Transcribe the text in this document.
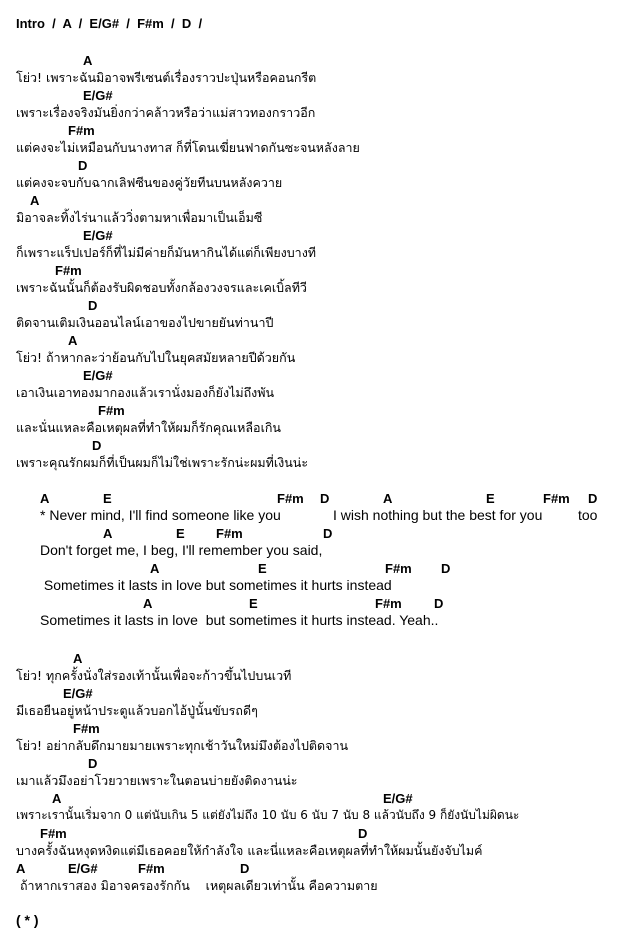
Intro  /  A  /  E/G#  /  F#m  /  D  /
A
โย่ว! เพราะฉันมิอาจพรีเซนต์เรื่องราวปะปุ่นหรือคอนกรีต
E/G#
เพราะเรื่องจริงมันยิ่งกว่าคล้าวหรือว่าแม่สาวทองกราวอีก
F#m
แต่คงจะไม่เหมือนกับนางทาส ก็ที่โดนเฆี่ยนฟาดกันซะจนหลังลาย
D
แต่คงจะจบกับฉากเลิฟซีนของคู่วัยทีนบนหลังควาย
A
มิอาจละทิ้งไร่นาแล้ววิ่งตามหาเพื่อมาเป็นเอ็มซี
E/G#
ก็เพราะแร็ปเปอร์ก็ที่ไม่มีค่ายก็มันหากินได้แต่ก็เพียงบางที
F#m
เพราะฉันนั้นก็ต้องรับผิดชอบทั้งกล้องวงจรและเคเบิ้ลทีวี
D
ติดจานเติมเงินออนไลน์เอาของไปขายยันท่านาปี
A
โย่ว! ถ้าหากละว่าย้อนกับไปในยุคสมัยหลายปีด้วยกัน
E/G#
เอาเงินเอาทองมากองแล้วเรานั่งมองก็ยังไม่ถึงพัน
F#m
และนั่นแหละคือเหตุผลที่ทำให้ผมก็รักคุณเหลือเกิน
D
เพราะคุณรักผมก็ที่เป็นผมก็ไม่ใช่เพราะรักน่ะผมที่เงินน่ะ
A	E	F#m D	A	E	F#m D
* Never mind, I'll find someone like you	I wish nothing but the best for you	too
A	E F#m	D
Don't forget me, I beg, I'll remember you said,
A	E	F#m D
Sometimes it lasts in love but sometimes it hurts instead
A	E	F#m D
Sometimes it lasts in love  but sometimes it hurts instead. Yeah..
A
โย่ว! ทุกครั้งนั่งใส่รองเท้านั้นเพื่อจะก้าวขึ้นไปบนเวที
E/G#
มีเธอยืนอยู่หน้าประตูแล้วบอกไอ้ปู่นั้นขับรถดีๆ
F#m
โย่ว! อย่ากลับดึกมายมายเพราะทุกเช้าวันใหม่มึงต้องไปติดจาน
D
เมาแล้วมึงอย่าโวยวายเพราะในตอนบ่ายยังติดงานน่ะ
A	E/G#
เพราะเรานั้นเริ่มจาก 0 แต่นับเกิน 5 แต่ยังไม่ถึง 10 นับ 6 นับ 7 นับ 8 แล้วนับถึง 9 ก็ยังนับไม่ผิดนะ
F#m	D
บางครั้งฉันหงุดหงิดแต่มีเธอคอยให้กำลังใจ และนี่แหละคือเหตุผลที่ทำให้ผมนั้นยังจับไมค์
A	E/G#	F#m	D
ถ้าหากเราสอง มิอาจครองรักกัน    เหตุผลเดียวเท่านั้น คือความตาย
( * )
